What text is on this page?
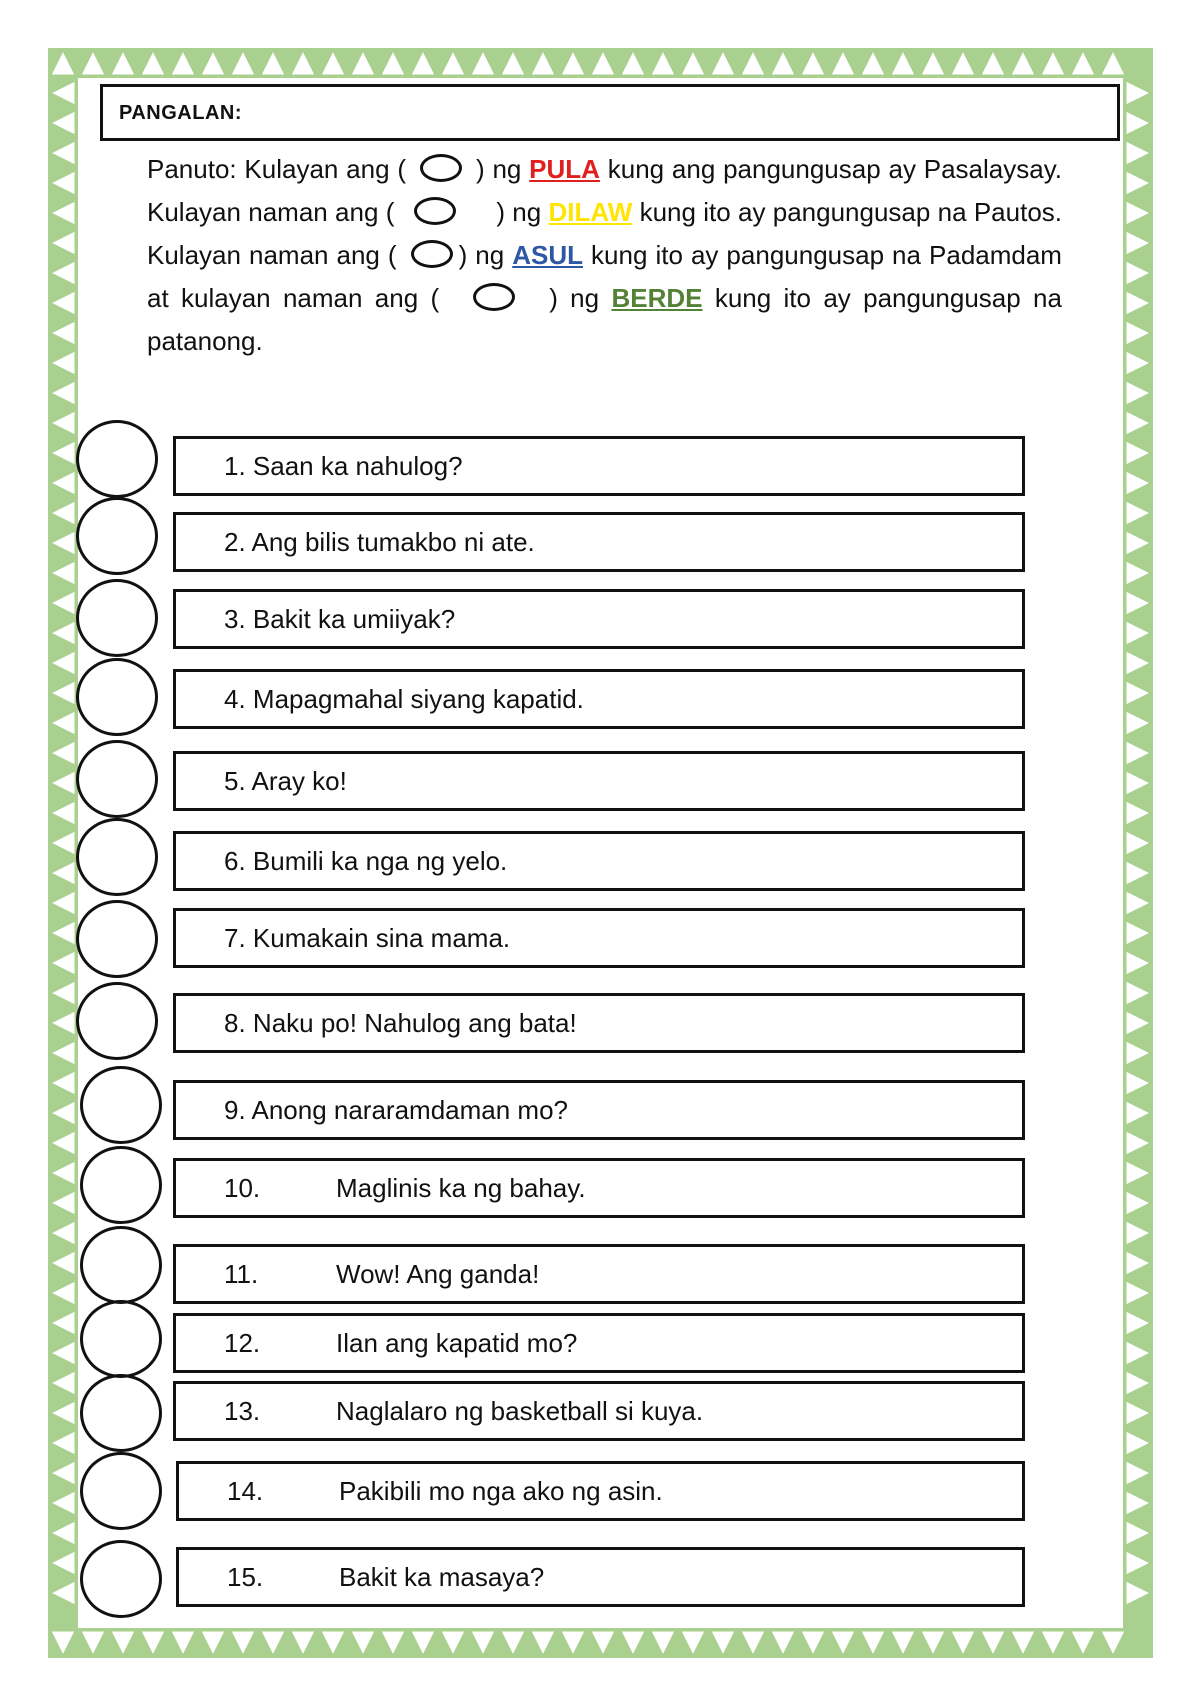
PANGALAN:
Panuto: Kulayan ang (	) ng PULA kung ang pangungusap ay Pasalaysay. Kulayan naman ang (	) ng DILAW kung ito ay pangungusap na Pautos. Kulayan naman ang ( ) ng ASUL kung ito ay pangungusap na Padamdam at kulayan naman ang (	) ng BERDE kung ito ay pangungusap na patanong.
1. Saan ka nahulog?
2. Ang bilis tumakbo ni ate.
3. Bakit ka umiiyak?
4. Mapagmahal siyang kapatid.
5. Aray ko!
6. Bumili ka nga ng yelo.
7. Kumakain sina mama.
8. Naku po! Nahulog ang bata!
9. Anong nararamdaman mo?
10.	Maglinis ka ng bahay.
11.	Wow! Ang ganda!
12.	Ilan ang kapatid mo?
13.	Naglalaro ng basketball si kuya.
14.	Pakibili mo nga ako ng asin.
15.	Bakit ka masaya?
